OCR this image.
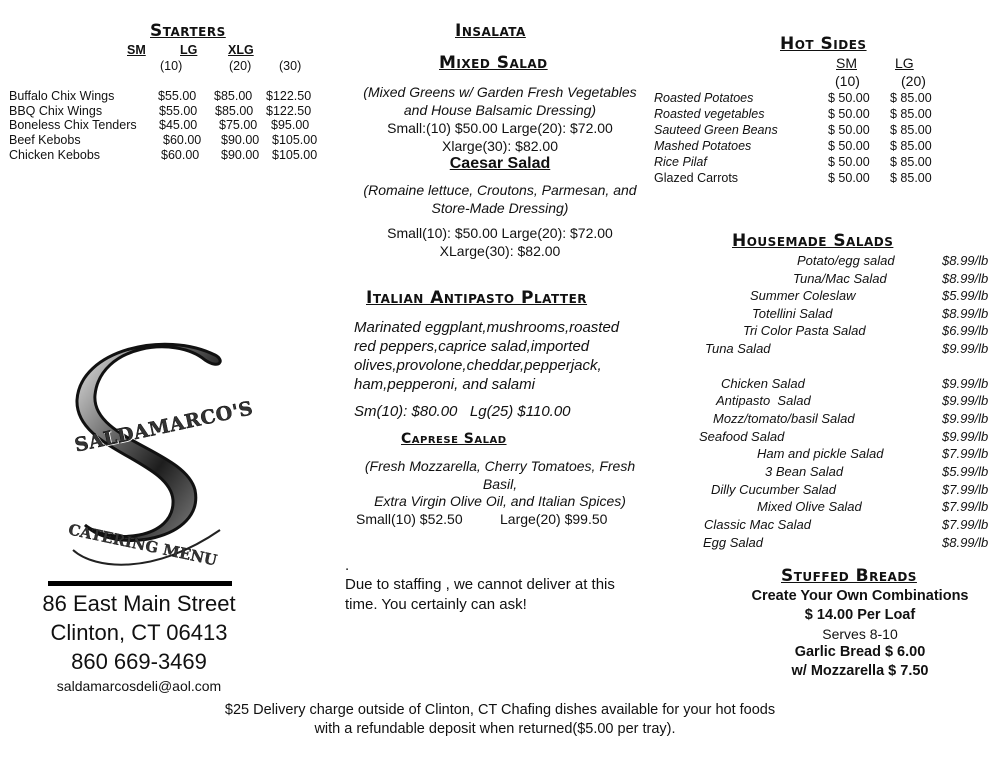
Starters
SM	LG XLG
(10)	(20) (30)
Buffalo Chix Wings	$55.00 $85.00 $122.50
BBQ Chix Wings	$55.00 $85.00 $122.50
Boneless Chix Tenders $45.00 $75.00 $95.00
Beef Kebobs	$60.00 $90.00 $105.00
Chicken Kebobs	$60.00 $90.00 $105.00
SALDAMARCO'S
CATERING MENU
86 East Main Street
Clinton, CT 06413
860 669-3469
saldamarcosdeli@aol.com
Insalata
Mixed Salad
(Mixed Greens w/ Garden Fresh Vegetables
and House Balsamic Dressing)
Small:(10) $50.00 Large(20): $72.00
Xlarge(30): $82.00
Caesar Salad
(Romaine lettuce, Croutons, Parmesan, and
Store-Made Dressing)
Small(10): $50.00 Large(20): $72.00
XLarge(30): $82.00
Italian Antipasto Platter
Marinated eggplant,mushrooms,roasted
red peppers,caprice salad,imported
olives,provolone,cheddar,pepperjack,
ham,pepperoni, and salami
Sm(10): $80.00   Lg(25) $110.00
Caprese Salad
(Fresh Mozzarella, Cherry Tomatoes, Fresh
Basil,
Extra Virgin Olive Oil, and Italian Spices)
Small(10) $52.50	Large(20) $99.50
.
Due to staffing , we cannot deliver at this
time. You certainly can ask!
Hot Sides
SM	LG
(10)	(20)
Roasted Potatoes	$ 50.00 $ 85.00
Roasted vegetables	$ 50.00 $ 85.00
Sauteed Green Beans	$ 50.00 $ 85.00
Mashed Potatoes	$ 50.00 $ 85.00
Rice Pilaf	$ 50.00 $ 85.00
Glazed Carrots	$ 50.00 $ 85.00
Housemade Salads
Potato/egg salad	$8.99/lb
Tuna/Mac Salad	$8.99/lb
Summer Coleslaw	$5.99/lb
Totellini Salad	$8.99/lb
Tri Color Pasta Salad	$6.99/lb
Tuna Salad	$9.99/lb
Chicken Salad	$9.99/lb
Antipasto  Salad	$9.99/lb
Mozz/tomato/basil Salad	$9.99/lb
Seafood Salad	$9.99/lb
Ham and pickle Salad	$7.99/lb
3 Bean Salad	$5.99/lb
Dilly Cucumber Salad	$7.99/lb
Mixed Olive Salad	$7.99/lb
Classic Mac Salad	$7.99/lb
Egg Salad	$8.99/lb
Stuffed Breads
Create Your Own Combinations
$ 14.00 Per Loaf
Serves 8-10
Garlic Bread $ 6.00
w/ Mozzarella $ 7.50
$25 Delivery charge outside of Clinton, CT Chafing dishes available for your hot foods
with a refundable deposit when returned($5.00 per tray).
